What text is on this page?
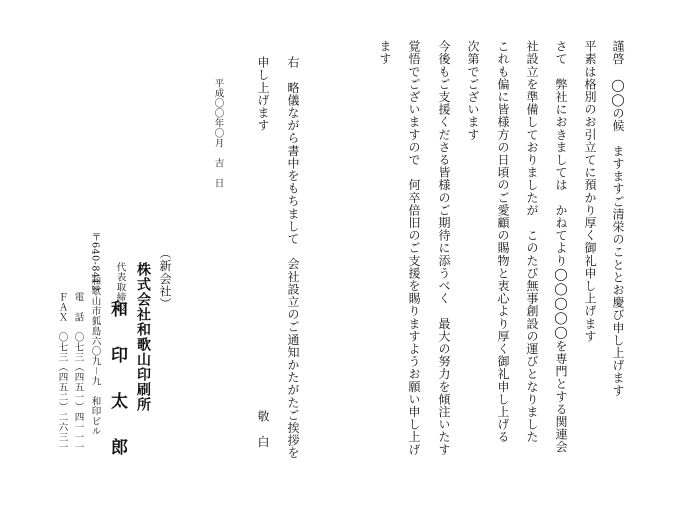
謹啓　◯◯の候　ますますご清栄のこととお慶び申し上げます
平素は格別のお引立てに預かり厚く御礼申し上げます
さて　弊社におきましては　かねてより◯◯◯◯◯を専門とする関連会
社設立を準備しておりましたが　このたび無事創設の運びとなりました
これも偏に皆様方の日頃のご愛顧の賜物と衷心より厚く御礼申し上げる
次第でございます
今後もご支援くださる皆様のご期待に添うべく　最大の努力を傾注いたす
覚悟でございますので　何卒倍旧のご支援を賜りますようお願い申し上げ
ます
敬　白 右　略儀ながら書中をもちまして　会社設立のご通知かたがたご挨拶を
申し上げます
平成〇〇年〇月　吉　日
（新会社）
株式会社和歌山印刷所
代表取締役
和　印　太　郎
〒640-8412
和歌山市狐島六〇九－九　和印ビル
電　話　〇七三（四五一）四一一一
ＦＡＸ　〇七三（四五二）二六三一
